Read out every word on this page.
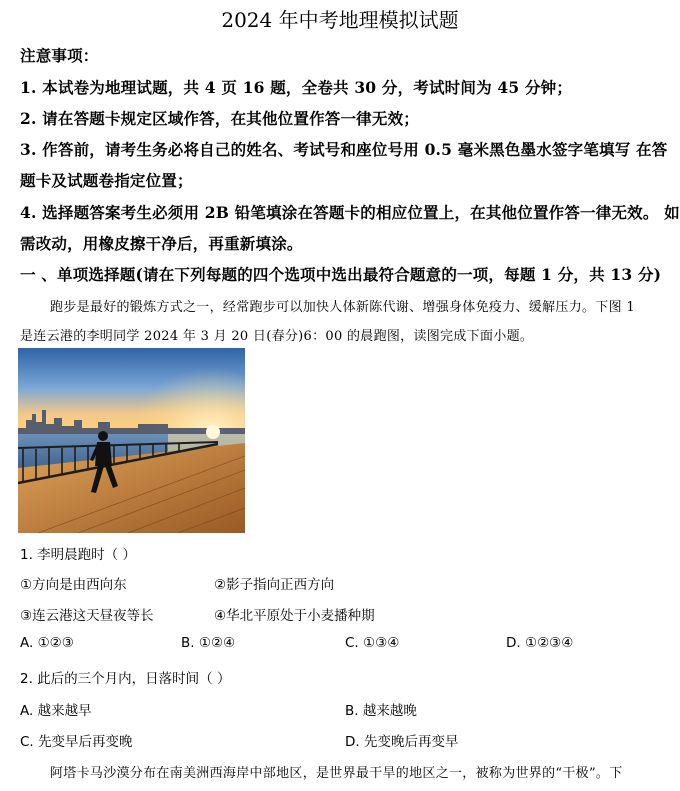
2024 年中考地理模拟试题
注意事项：
1. 本试卷为地理试题，共 4 页 16 题，全卷共 30 分，考试时间为 45 分钟；
2. 请在答题卡规定区域作答，在其他位置作答一律无效；
3. 作答前，请考生务必将自己的姓名、考试号和座位号用 0.5 毫米黑色墨水签字笔填写 在答
题卡及试题卷指定位置；
4. 选择题答案考生必须用 2B 铅笔填涂在答题卡的相应位置上，在其他位置作答一律无效。 如
需改动，用橡皮擦干净后，再重新填涂。
一 、单项选择题(请在下列每题的四个选项中选出最符合题意的一项，每题 1 分，共 13 分)
跑步是最好的锻炼方式之一，经常跑步可以加快人体新陈代谢、增强身体免疫力、缓解压力。下图 1
是连云港的李明同学 2024 年 3 月 20 日(春分)6：00 的晨跑图，读图完成下面小题。
1. 李明晨跑时（ ）
①方向是由西向东	②影子指向正西方向
③连云港这天昼夜等长	④华北平原处于小麦播种期
A. ①②③	B. ①②④	C. ①③④	D. ①②③④
2. 此后的三个月内，日落时间（ ）
A. 越来越早	B. 越来越晚
C. 先变早后再变晚	D. 先变晚后再变早
阿塔卡马沙漠分布在南美洲西海岸中部地区，是世界最干旱的地区之一，被称为世界的“干极”。下
